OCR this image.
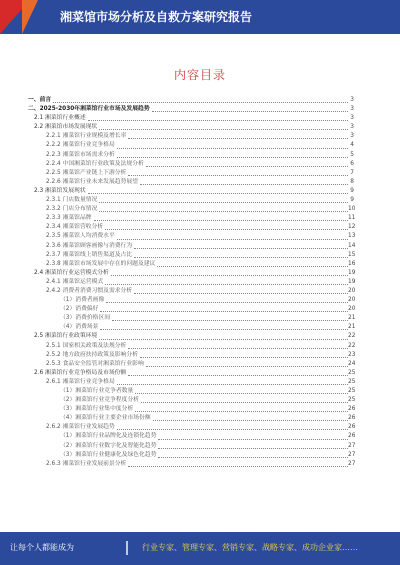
湘菜馆市场分析及自救方案研究报告
内容目录
一、前言	3
二、2025-2030年湘菜馆行业市场及发展趋势	3
2.1 湘菜馆行业概述	3
2.2 湘菜馆市场发展现状	3
2.2.1 湘菜馆行业规模及增长率	3
2.2.2 湘菜馆行业竞争格局	4
2.2.3 湘菜馆市场需求分析	5
2.2.4 中国湘菜馆行业政策及法规分析	6
2.2.5 湘菜馆产业链上下游分析	7
2.2.6 湘菜馆行业未来发展趋势展望	8
2.3 湘菜馆发展现状	9
2.3.1 门店数量情况	9
2.3.2 门店分布情况	10
2.3.3 湘菜馆品牌	11
2.3.4 湘菜馆营收分析	12
2.3.5 湘菜馆人均消费水平	13
2.3.6 湘菜馆顾客画像与消费行为	14
2.3.7 湘菜馆线上销售渠道及占比	15
2.3.8 湘菜馆市场发展中存在的问题及建议	16
2.4 湘菜馆行业运营模式分析	19
2.4.1 湘菜馆运营模式	19
2.4.2 消费者消费习惯及需求分析	20
（1）消费者画像	20
（2）消费偏好	20
（3）消费价格区间	21
（4）消费场景	21
2.5 湘菜馆行业政策环境	22
2.5.1 国家相关政策及法规分析	22
2.5.2 地方政府扶持政策及影响分析	23
2.5.3 食品安全监管对湘菜馆行业影响	24
2.6 湘菜馆行业竞争格局及市场份额	25
2.6.1 湘菜馆行业竞争格局	25
（1）湘菜馆行业竞争者数量	25
（2）湘菜馆行业竞争程度分析	25
（3）湘菜馆行业集中度分析	26
（4）湘菜馆行业主要企业市场份额	26
2.6.2 湘菜馆行业发展趋势	26
（1）湘菜馆行业品牌化及连锁化趋势	26
（2）湘菜馆行业数字化及智能化趋势	27
（3）湘菜馆行业健康化及绿色化趋势	27
2.6.3 湘菜馆行业发展前景分析	27
让每个人都能成为	行业专家、管理专家、营销专家、战略专家、成功企业家……
